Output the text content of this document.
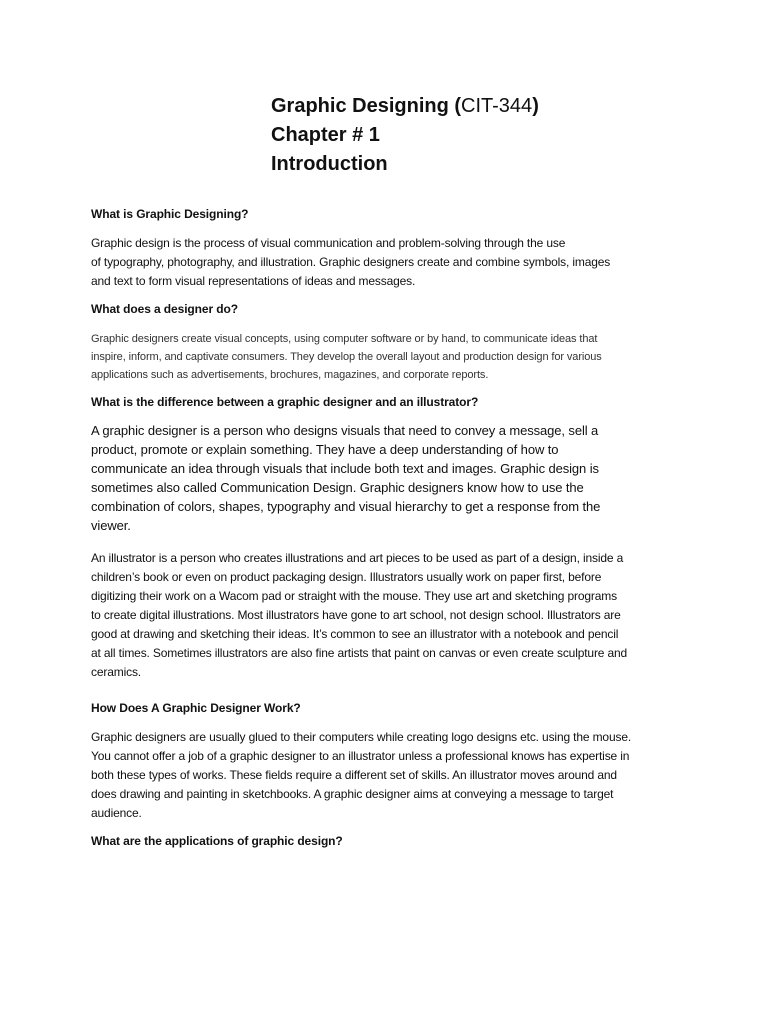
Graphic Designing (CIT-344)
Chapter # 1
Introduction
What is Graphic Designing?
Graphic design is the process of visual communication and problem-solving through the use
of typography, photography, and illustration. Graphic designers create and combine symbols, images
and text to form visual representations of ideas and messages.
What does a designer do?
Graphic designers create visual concepts, using computer software or by hand, to communicate ideas that
inspire, inform, and captivate consumers. They develop the overall layout and production design for various
applications such as advertisements, brochures, magazines, and corporate reports.
What is the difference between a graphic designer and an illustrator?
A graphic designer is a person who designs visuals that need to convey a message, sell a
product, promote or explain something. They have a deep understanding of how to
communicate an idea through visuals that include both text and images. Graphic design is
sometimes also called Communication Design. Graphic designers know how to use the
combination of colors, shapes, typography and visual hierarchy to get a response from the
viewer.
An illustrator is a person who creates illustrations and art pieces to be used as part of a design, inside a
children’s book or even on product packaging design. Illustrators usually work on paper first, before
digitizing their work on a Wacom pad or straight with the mouse. They use art and sketching programs
to create digital illustrations. Most illustrators have gone to art school, not design school. Illustrators are
good at drawing and sketching their ideas. It’s common to see an illustrator with a notebook and pencil
at all times. Sometimes illustrators are also fine artists that paint on canvas or even create sculpture and
ceramics.
How Does A Graphic Designer Work?
Graphic designers are usually glued to their computers while creating logo designs etc. using the mouse.
You cannot offer a job of a graphic designer to an illustrator unless a professional knows has expertise in
both these types of works. These fields require a different set of skills. An illustrator moves around and
does drawing and painting in sketchbooks. A graphic designer aims at conveying a message to target
audience.
What are the applications of graphic design?
